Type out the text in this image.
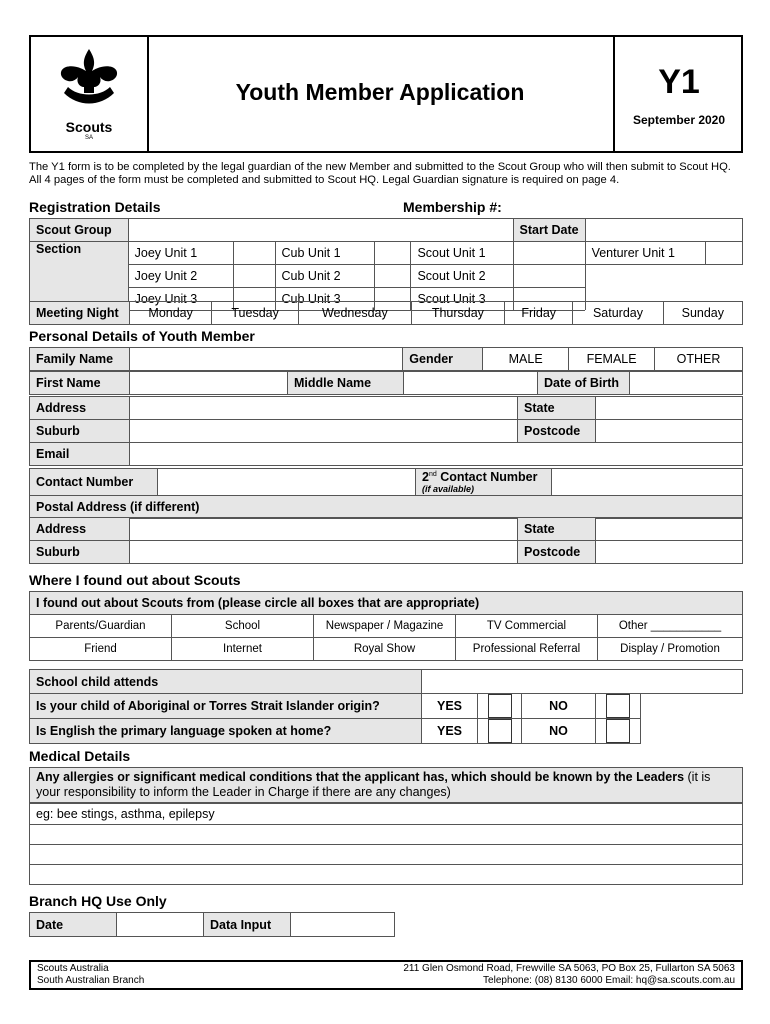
Scouts
SA
Youth Member Application	Y1
September 2020
The Y1 form is to be completed by the legal guardian of the new Member and submitted to the Scout Group who will then submit to Scout HQ. All 4 pages of the form must be completed and submitted to Scout HQ. Legal Guardian signature is required on page 4.
Registration Details	Membership #:
Scout Group						Start Date		
Section	Joey Unit 1		Cub Unit 1		Scout Unit 1		Venturer Unit 1	
	Joey Unit 2		Cub Unit 2		Scout Unit 2			
	Joey Unit 3		Cub Unit 3		Scout Unit 3			
Meeting Night	Monday	Tuesday	Wednesday	Thursday	Friday	Saturday	Sunday
Personal Details of Youth Member
Family Name		Gender	MALE	FEMALE	OTHER
First Name		Middle Name		Date of Birth	
Address		State	
Suburb		Postcode	
Email			
Contact Number		2nd Contact Number
(if available)	
Postal Address (if different)
Address		State	
Suburb		Postcode	
Where I found out about Scouts
I found out about Scouts from (please circle all boxes that are appropriate)				
Parents/Guardian	School	Newspaper / Magazine	TV Commercial	Other ___________
Friend	Internet	Royal Show	Professional Referral	Display / Promotion
School child attends	
Is your child of Aboriginal or Torres Strait Islander origin?	YES		NO	
Is English the primary language spoken at home?	YES		NO	
Medical Details
Any allergies or significant medical conditions that the applicant has, which should be known by the Leaders (it is your responsibility to inform the Leader in Charge if there are any changes)
eg: bee stings, asthma, epilepsy

Branch HQ Use Only
Date		Data Input	
Scouts Australia
South Australian Branch
211 Glen Osmond Road, Frewville SA 5063, PO Box 25, Fullarton SA 5063
Telephone: (08) 8130 6000 Email: hq@sa.scouts.com.au
